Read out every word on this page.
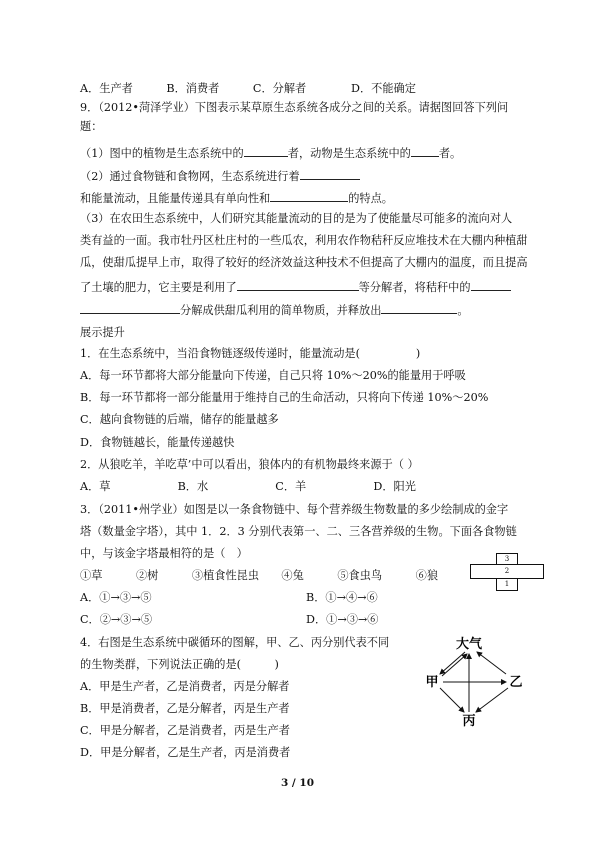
A．生产者　　　B．消费者　　　C．分解者　　　　D．不能确定
9．（2012•菏泽学业）下图表示某草原生态系统各成分之间的关系。请据图回答下列问
题：
（1）图中的植物是生态系统中的	者，动物是生态系统中的	者。
（2）通过食物链和食物网，生态系统进行着
和能量流动，且能量传递具有单向性和	的特点。
（3）在农田生态系统中，人们研究其能量流动的目的是为了使能量尽可能多的流向对人
类有益的一面。我市牡丹区杜庄村的一些瓜农，利用农作物秸秆反应堆技术在大棚内种植甜
瓜，使甜瓜提早上市，取得了较好的经济效益这种技术不但提高了大棚内的温度，而且提高
了土壤的肥力，它主要是利用了	等分解者，将秸秆中的
分解成供甜瓜利用的简单物质，并释放出	。
展示提升
1．在生态系统中，当沿食物链逐级传递时，能量流动是(　　　　　)
A．每一环节都将大部分能量向下传递，自己只将 10%～20%的能量用于呼吸
B．每一环节都将一部分能量用于维持自己的生命活动，只将向下传递 10%～20%
C．越向食物链的后端，储存的能量越多
D．食物链越长，能量传递越快
2．从狼吃羊，羊吃草’中可以看出，狼体内的有机物最终来源于（ ）
A．草　　　　　　B．水　　　　　　C．羊　　　　　　D．阳光
3．（2011•州学业）如图是以一条食物链中、每个营养级生物数量的多少绘制成的金字
塔（数量金字塔），其中 1．2．3 分别代表第一、二、三各营养级的生物。下面各食物链
中，与该金字塔最相符的是（　）
①草　　　②树　　　③植食性昆虫　　④兔　　　⑤食虫鸟　　　⑥狼
A．①→③→⑤	B．①→④→⑥
C．②→③→⑤	D．①→③→⑥
3
2
1
4．右图是生态系统中碳循环的图解，甲、乙、丙分别代表不同
的生物类群，下列说法正确的是(　　　)
A．甲是生产者，乙是消费者，丙是分解者
B．甲是消费者，乙是分解者，丙是生产者
C．甲是分解者，乙是消费者，丙是生产者
D．甲是分解者，乙是生产者，丙是消费者
大气
甲	乙
丙
3 / 10
